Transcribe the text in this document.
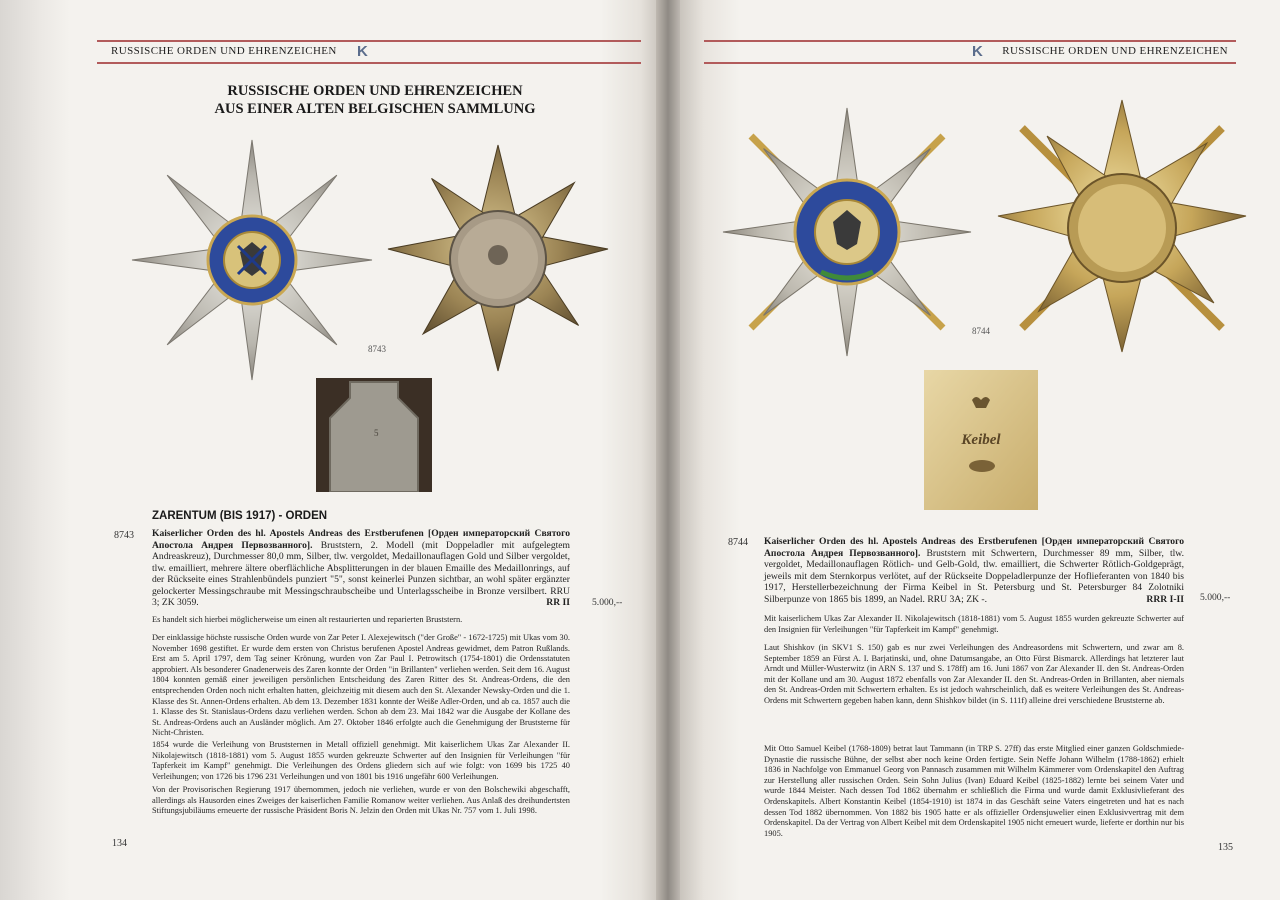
RUSSISCHE ORDEN UND EHRENZEICHEN K
RUSSISCHE ORDEN UND EHRENZEICHEN
AUS EINER ALTEN BELGISCHEN SAMMLUNG
8743
5
ZARENTUM (BIS 1917) - ORDEN
8743 Kaiserlicher Orden des hl. Apostels Andreas des Erstberufenen [Орден императорский Святого Апостола Андрея Первозванного]. Bruststern, 2. Modell (mit Doppeladler mit aufgelegtem Andreaskreuz), Durchmesser 80,0 mm, Silber, tlw. vergoldet, Medaillonauflagen Gold und Silber vergoldet, tlw. emailliert, mehrere ältere oberflächliche Absplitterungen in der blauen Emaille des Medaillonrings, auf der Rückseite eines Strahlenbündels punziert "5", sonst keinerlei Punzen sichtbar, an wohl später ergänzter gelockerter Messingschraube mit Messingschraubscheibe und Unterlagsscheibe in Bronze versilbert. RRU 3; ZK 3059.	RR II 5.000,--
Es handelt sich hierbei möglicherweise um einen alt restaurierten und reparierten Bruststern.
Der einklassige höchste russische Orden wurde von Zar Peter I. Alexejewitsch ("der Große" - 1672-1725) mit Ukas vom 30. November 1698 gestiftet. Er wurde dem ersten von Christus berufenen Apostel Andreas gewidmet, dem Patron Rußlands. Erst am 5. April 1797, dem Tag seiner Krönung, wurden von Zar Paul I. Petrowitsch (1754-1801) die Ordensstatuten approbiert. Als besonderer Gnadenerweis des Zaren konnte der Orden "in Brillanten" verliehen werden. Seit dem 16. August 1804 konnten gemäß einer jeweiligen persönlichen Entscheidung des Zaren Ritter des St. Andreas-Ordens, die den entsprechenden Orden noch nicht erhalten hatten, gleichzeitig mit diesem auch den St. Alexander Newsky-Orden und die 1. Klasse des St. Annen-Ordens erhalten. Ab dem 13. Dezember 1831 konnte der Weiße Adler-Orden, und ab ca. 1857 auch die 1. Klasse des St. Stanislaus-Ordens dazu verliehen werden. Schon ab dem 23. Mai 1842 war die Ausgabe der Kollane des St. Andreas-Ordens auch an Ausländer möglich. Am 27. Oktober 1846 erfolgte auch die Genehmigung der Bruststerne für Nicht-Christen.
1854 wurde die Verleihung von Bruststernen in Metall offiziell genehmigt. Mit kaiserlichem Ukas Zar Alexander II. Nikolajewitsch (1818-1881) vom 5. August 1855 wurden gekreuzte Schwerter auf den Insignien für Verleihungen "für Tapferkeit im Kampf" genehmigt. Die Verleihungen des Ordens gliedern sich auf wie folgt: von 1699 bis 1725 40 Verleihungen; von 1726 bis 1796 231 Verleihungen und von 1801 bis 1916 ungefähr 600 Verleihungen.
Von der Provisorischen Regierung 1917 übernommen, jedoch nie verliehen, wurde er von den Bolschewiki abgeschafft, allerdings als Hausorden eines Zweiges der kaiserlichen Familie Romanow weiter verliehen. Aus Anlaß des dreihundertsten Stiftungsjubiläums erneuerte der russische Präsident Boris N. Jelzin den Orden mit Ukas Nr. 757 vom 1. Juli 1998.
134
K	RUSSISCHE ORDEN UND EHRENZEICHEN
8744
Keibel
8744 Kaiserlicher Orden des hl. Apostels Andreas des Erstberufenen [Орден императорский Святого Апостола Андрея Первозванного]. Bruststern mit Schwertern, Durchmesser 89 mm, Silber, tlw. vergoldet, Medaillonauflagen Rötlich- und Gelb-Gold, tlw. emailliert, die Schwerter Rötlich-Goldgeprägt, jeweils mit dem Sternkorpus verlötet, auf der Rückseite Doppeladlerpunze der Hoflieferanten von 1840 bis 1917, Herstellerbezeichnung der Firma Keibel in St. Petersburg und St. Petersburger 84 Zolotniki Silberpunze von 1865 bis 1899, an Nadel. RRU 3A; ZK -.	RRR I-II 5.000,--
Mit kaiserlichem Ukas Zar Alexander II. Nikolajewitsch (1818-1881) vom 5. August 1855 wurden gekreuzte Schwerter auf den Insignien für Verleihungen "für Tapferkeit im Kampf" genehmigt.
Laut Shishkov (in SKV1 S. 150) gab es nur zwei Verleihungen des Andreasordens mit Schwertern, und zwar am 8. September 1859 an Fürst A. I. Barjatinski, und, ohne Datumsangabe, an Otto Fürst Bismarck. Allerdings hat letzterer laut Arndt und Müller-Wusterwitz (in ARN S. 137 und S. 178ff) am 16. Juni 1867 von Zar Alexander II. den St. Andreas-Orden mit der Kollane und am 30. August 1872 ebenfalls von Zar Alexander II. den St. Andreas-Orden in Brillanten, aber niemals den St. Andreas-Orden mit Schwertern erhalten. Es ist jedoch wahrscheinlich, daß es weitere Verleihungen des St. Andreas-Ordens mit Schwertern gegeben haben kann, denn Shishkov bildet (in S. 111f) alleine drei verschiedene Bruststerne ab.
Mit Otto Samuel Keibel (1768-1809) betrat laut Tammann (in TRP S. 27ff) das erste Mitglied einer ganzen Goldschmiede-Dynastie die russische Bühne, der selbst aber noch keine Orden fertigte. Sein Neffe Johann Wilhelm (1788-1862) erhielt 1836 in Nachfolge von Emmanuel Georg von Pannasch zusammen mit Wilhelm Kämmerer vom Ordenskapitel den Auftrag zur Herstellung aller russischen Orden. Sein Sohn Julius (Ivan) Eduard Keibel (1825-1882) lernte bei seinem Vater und wurde 1844 Meister. Nach dessen Tod 1862 übernahm er schließlich die Firma und wurde damit Exklusivlieferant des Ordenskapitels. Albert Konstantin Keibel (1854-1910) ist 1874 in das Geschäft seine Vaters eingetreten und hat es nach dessen Tod 1882 übernommen. Von 1882 bis 1905 hatte er als offizieller Ordensjuwelier einen Exklusivvertrag mit dem Ordenskapitel. Da der Vertrag von Albert Keibel mit dem Ordenskapitel 1905 nicht erneuert wurde, lieferte er dorthin nur bis 1905.
135
